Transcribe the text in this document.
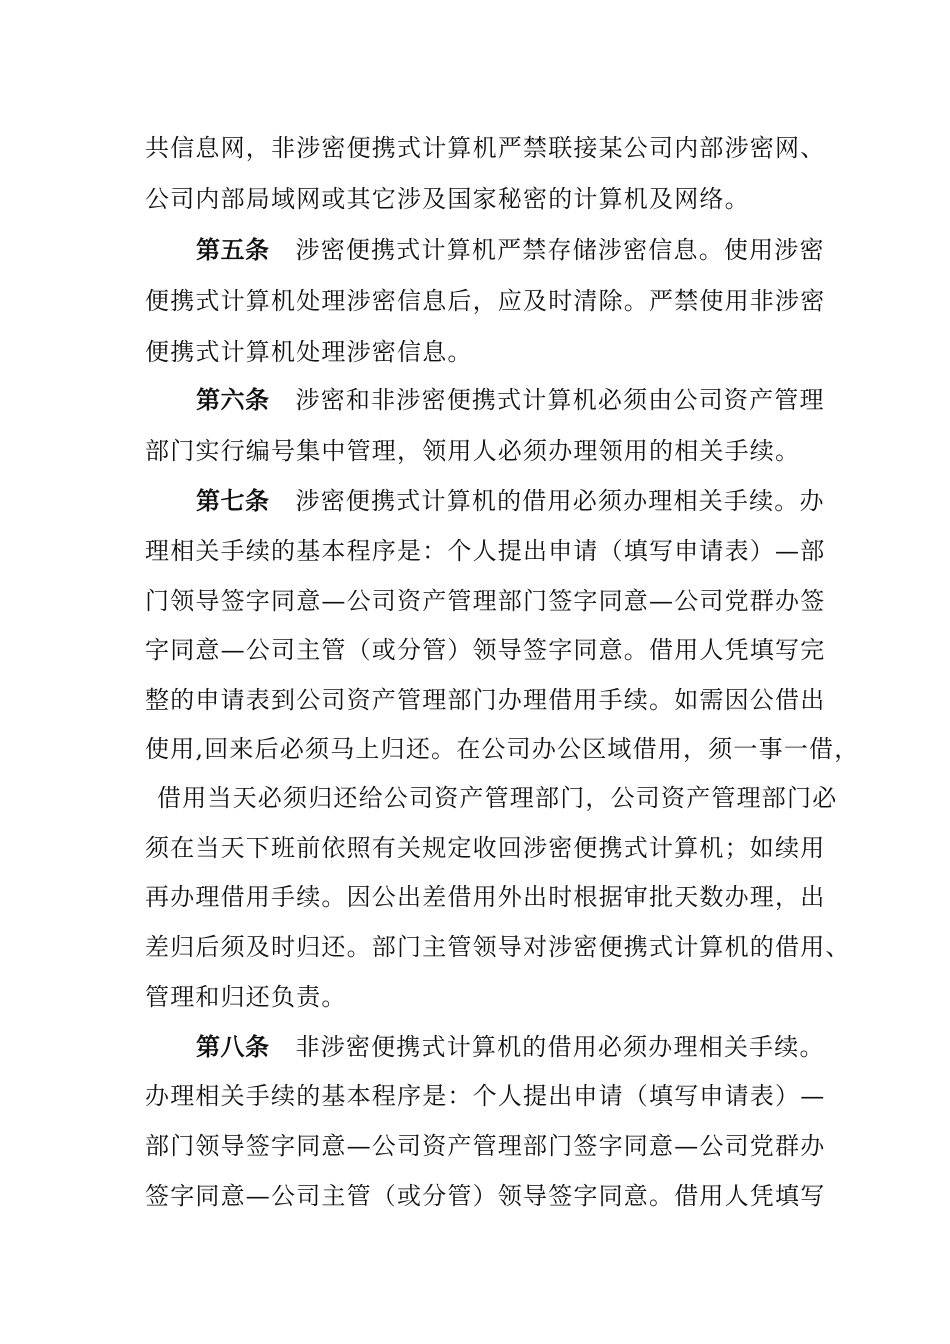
共信息网，非涉密便携式计算机严禁联接某公司内部涉密网、
公司内部局域网或其它涉及国家秘密的计算机及网络。
第五条 涉密便携式计算机严禁存储涉密信息。使用涉密
便携式计算机处理涉密信息后，应及时清除。严禁使用非涉密
便携式计算机处理涉密信息。
第六条 涉密和非涉密便携式计算机必须由公司资产管理
部门实行编号集中管理，领用人必须办理领用的相关手续。
第七条 涉密便携式计算机的借用必须办理相关手续。办
理相关手续的基本程序是：个人提出申请（填写申请表）—部
门领导签字同意—公司资产管理部门签字同意—公司党群办签
字同意—公司主管（或分管）领导签字同意。借用人凭填写完
整的申请表到公司资产管理部门办理借用手续。如需因公借出
使用,回来后必须马上归还。在公司办公区域借用，须一事一借，
借用当天必须归还给公司资产管理部门，公司资产管理部门必
须在当天下班前依照有关规定收回涉密便携式计算机；如续用
再办理借用手续。因公出差借用外出时根据审批天数办理，出
差归后须及时归还。部门主管领导对涉密便携式计算机的借用、
管理和归还负责。
第八条 非涉密便携式计算机的借用必须办理相关手续。
办理相关手续的基本程序是：个人提出申请（填写申请表）—
部门领导签字同意—公司资产管理部门签字同意—公司党群办
签字同意—公司主管（或分管）领导签字同意。借用人凭填写
